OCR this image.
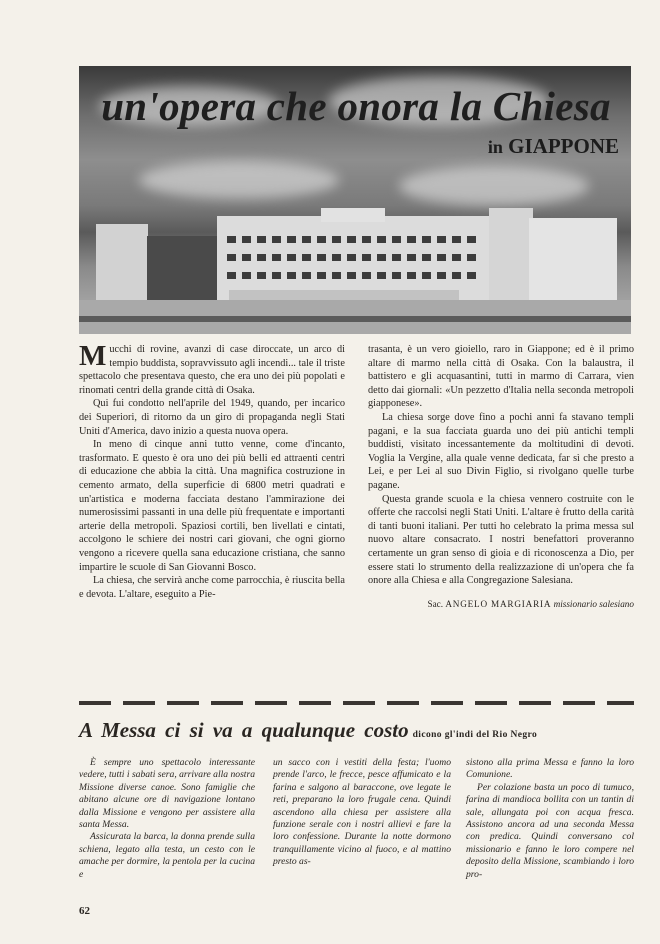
un'opera che onora la Chiesa
in GIAPPONE

Mucchi di rovine, avanzi di case diroccate, un arco di tempio buddista, sopravvissuto agli incendi... tale il triste spettacolo che presentava questo, che era uno dei più popolati e rinomati centri della grande città di Osaka.

Qui fui condotto nell'aprile del 1949, quando, per incarico dei Superiori, di ritorno da un giro di propaganda negli Stati Uniti d'America, davo inizio a questa nuova opera.

In meno di cinque anni tutto venne, come d'incanto, trasformato. E questo è ora uno dei più belli ed attraenti centri di educazione che abbia la città. Una magnifica costruzione in cemento armato, della superficie di 6800 metri quadrati e un'artistica e moderna facciata destano l'ammirazione dei numerosissimi passanti in una delle più frequentate e importanti arterie della metropoli. Spaziosi cortili, ben livellati e cintati, accolgono le schiere dei nostri cari giovani, che ogni giorno vengono a ricevere quella sana educazione cristiana, che sanno impartire le scuole di San Giovanni Bosco.

La chiesa, che servirà anche come parrocchia, è riuscita bella e devota. L'altare, eseguito a Pie-

trasanta, è un vero gioiello, raro in Giappone; ed è il primo altare di marmo nella città di Osaka. Con la balaustra, il battistero e gli acquasantini, tutti in marmo di Carrara, vien detto dai giornali: «Un pezzetto d'Italia nella seconda metropoli giapponese».

La chiesa sorge dove fino a pochi anni fa stavano templi pagani, e la sua facciata guarda uno dei più antichi templi buddisti, visitato incessantemente da moltitudini di devoti. Voglia la Vergine, alla quale venne dedicata, far sì che presto a Lei, e per Lei al suo Divin Figlio, si rivolgano quelle turbe pagane.

Questa grande scuola e la chiesa vennero costruite con le offerte che raccolsi negli Stati Uniti. L'altare è frutto della carità di tanti buoni italiani. Per tutti ho celebrato la prima messa sul nuovo altare consacrato. I nostri benefattori proveranno certamente un gran senso di gioia e di riconoscenza a Dio, per essere stati lo strumento della realizzazione di un'opera che fa onore alla Chiesa e alla Congregazione Salesiana.

Sac. ANGELO MARGIARIA missionario salesiano

A Messa ci si va a qualunque costo dicono gl'indi del Rio Negro

È sempre uno spettacolo interessante vedere, tutti i sabati sera, arrivare alla nostra Missione diverse canoe. Sono famiglie che abitano alcune ore di navigazione lontano dalla Missione e vengono per assistere alla santa Messa.

Assicurata la barca, la donna prende sulla schiena, legato alla testa, un cesto con le amache per dormire, la pentola per la cucina e

un sacco con i vestiti della festa; l'uomo prende l'arco, le frecce, pesce affumicato e la farina e salgono al baraccone, ove legate le reti, preparano la loro frugale cena. Quindi ascendono alla chiesa per assistere alla funzione serale con i nostri allievi e fare la loro confessione. Durante la notte dormono tranquillamente vicino al fuoco, e al mattino presto as-

sistono alla prima Messa e fanno la loro Comunione.

Per colazione basta un poco di tumuco, farina di mandioca bollita con un tantin di sale, allungata poi con acqua fresca. Assistono ancora ad una seconda Messa con predica. Quindi conversano col missionario e fanno le loro compere nel deposito della Missione, scambiando i loro pro-

62
